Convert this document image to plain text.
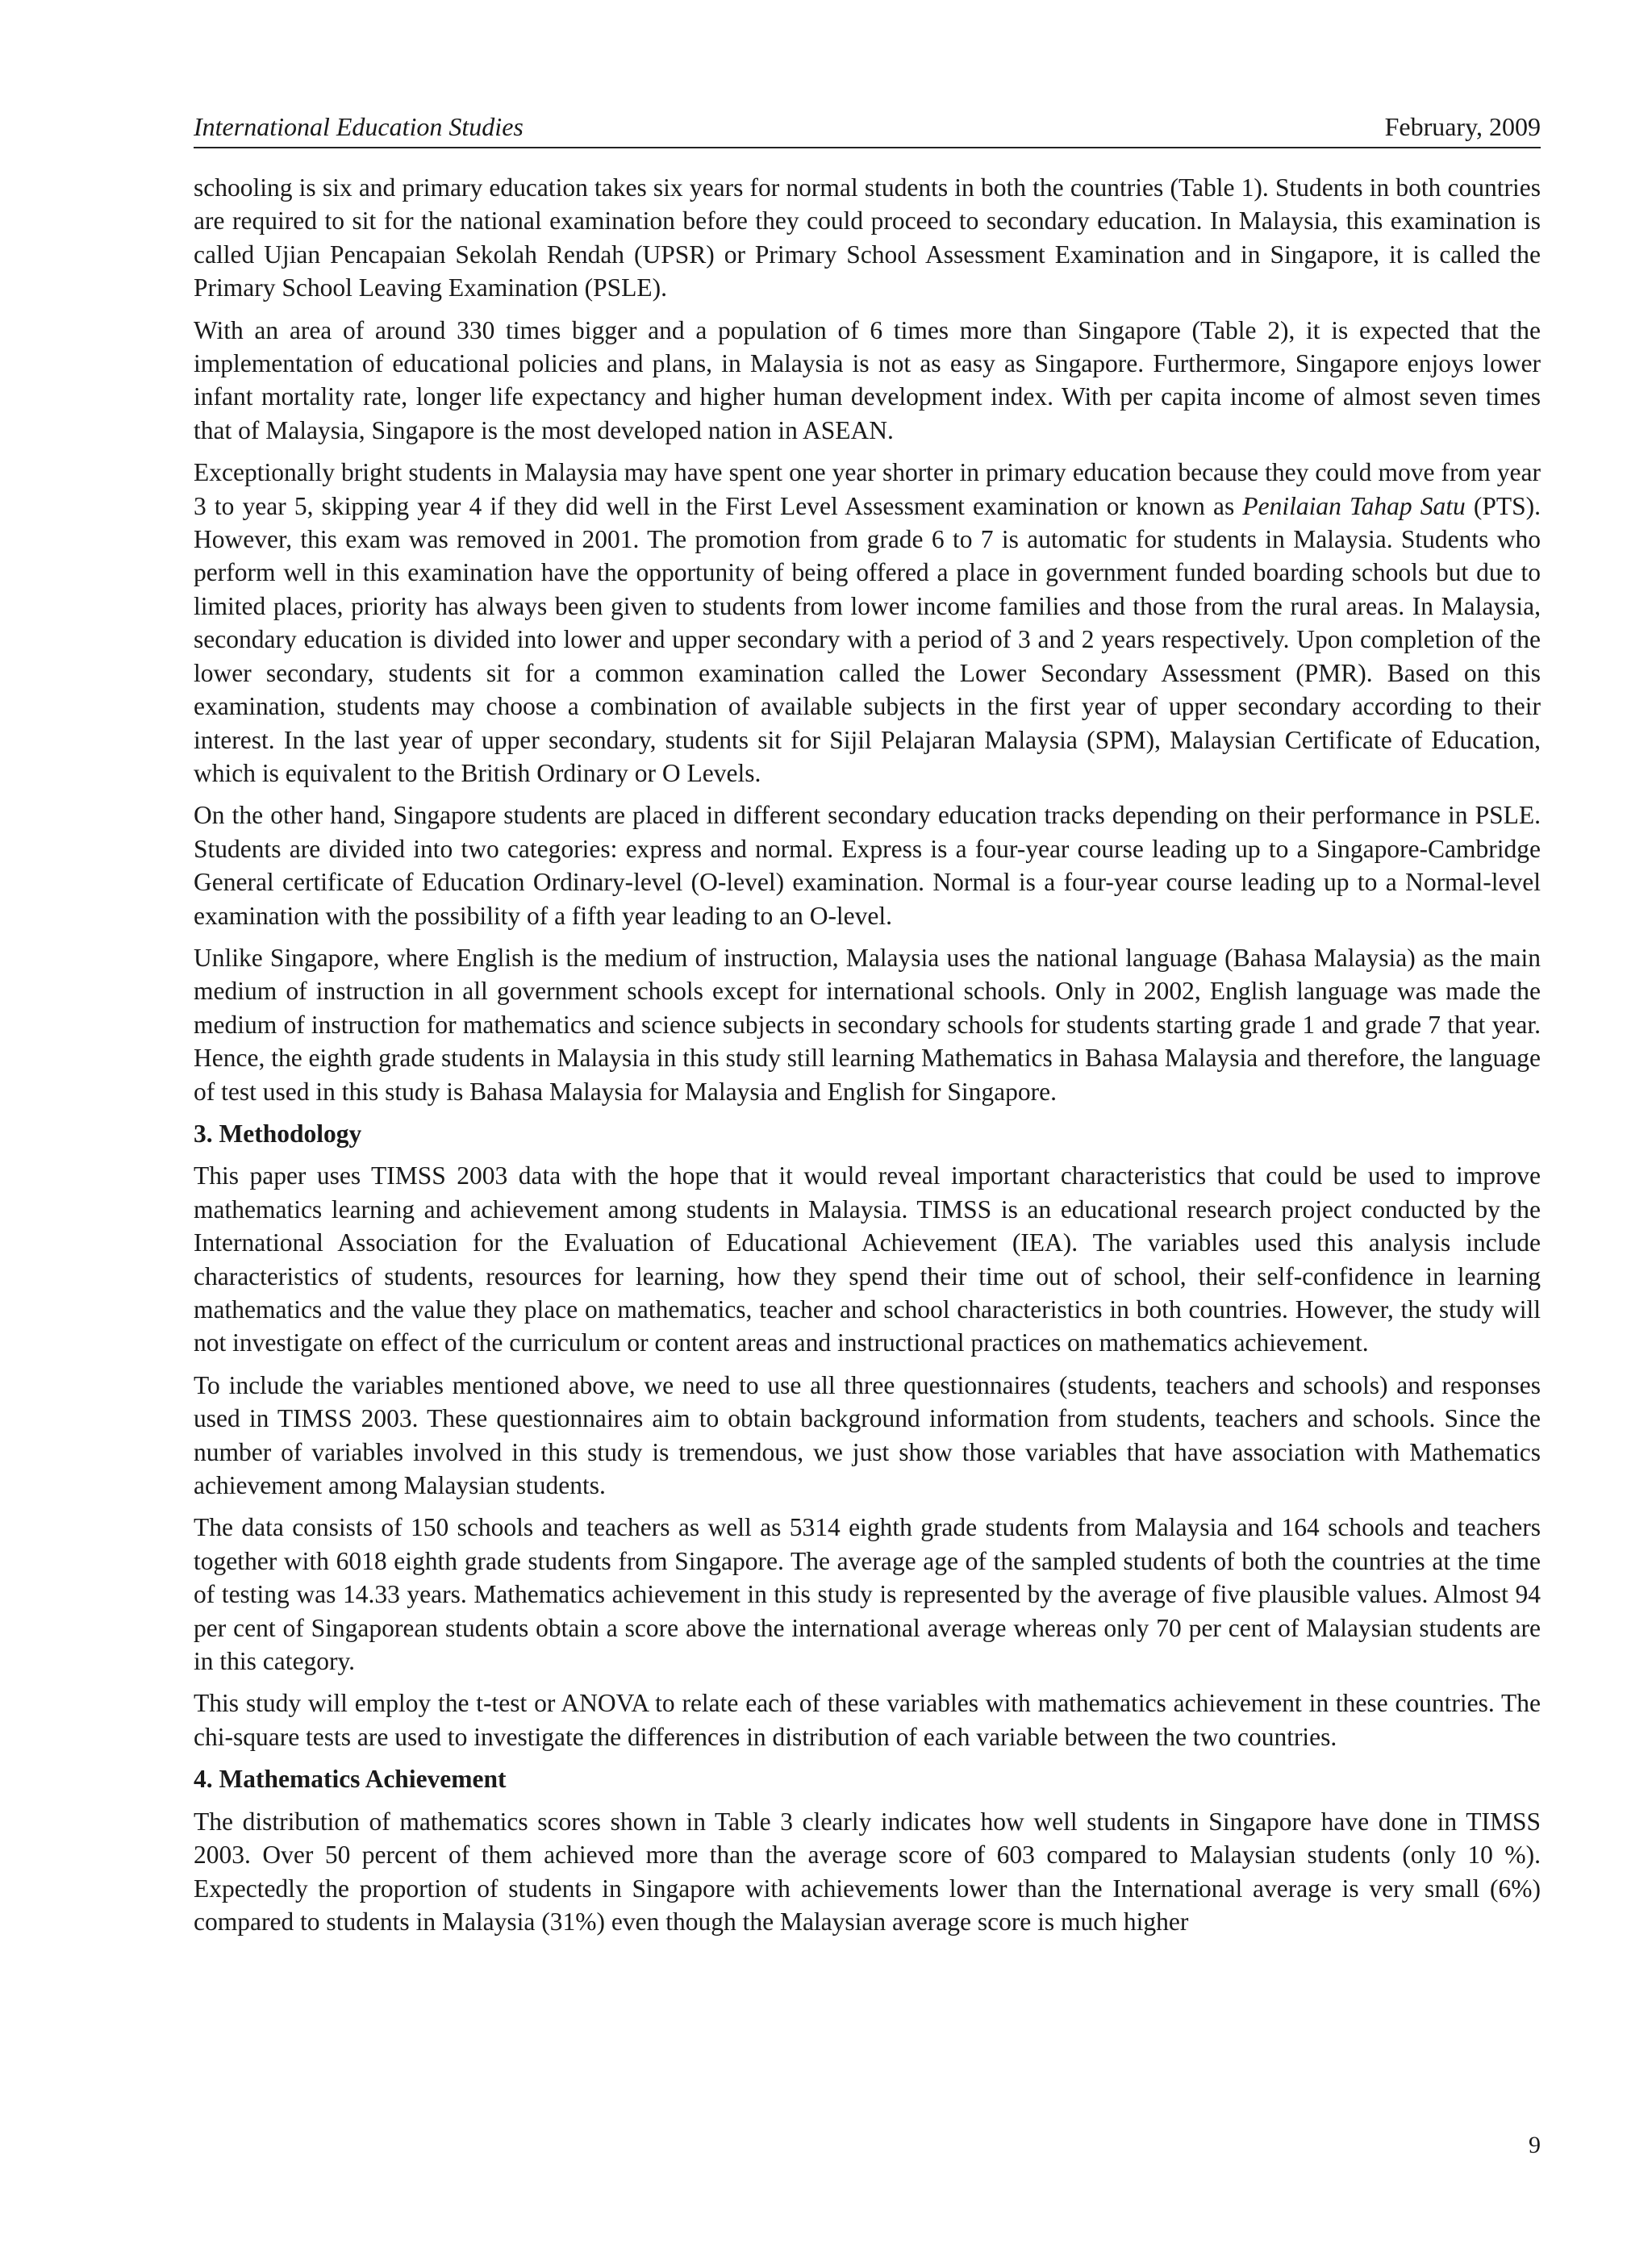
International Education Studies	February, 2009

schooling is six and primary education takes six years for normal students in both the countries (Table 1). Students in both countries are required to sit for the national examination before they could proceed to secondary education. In Malaysia, this examination is called Ujian Pencapaian Sekolah Rendah (UPSR) or Primary School Assessment Examination and in Singapore, it is called the Primary School Leaving Examination (PSLE).

With an area of around 330 times bigger and a population of 6 times more than Singapore (Table 2), it is expected that the implementation of educational policies and plans, in Malaysia is not as easy as Singapore. Furthermore, Singapore enjoys lower infant mortality rate, longer life expectancy and higher human development index. With per capita income of almost seven times that of Malaysia, Singapore is the most developed nation in ASEAN.

Exceptionally bright students in Malaysia may have spent one year shorter in primary education because they could move from year 3 to year 5, skipping year 4 if they did well in the First Level Assessment examination or known as Penilaian Tahap Satu (PTS). However, this exam was removed in 2001. The promotion from grade 6 to 7 is automatic for students in Malaysia. Students who perform well in this examination have the opportunity of being offered a place in government funded boarding schools but due to limited places, priority has always been given to students from lower income families and those from the rural areas. In Malaysia, secondary education is divided into lower and upper secondary with a period of 3 and 2 years respectively. Upon completion of the lower secondary, students sit for a common examination called the Lower Secondary Assessment (PMR). Based on this examination, students may choose a combination of available subjects in the first year of upper secondary according to their interest. In the last year of upper secondary, students sit for Sijil Pelajaran Malaysia (SPM), Malaysian Certificate of Education, which is equivalent to the British Ordinary or O Levels.

On the other hand, Singapore students are placed in different secondary education tracks depending on their performance in PSLE. Students are divided into two categories: express and normal. Express is a four-year course leading up to a Singapore-Cambridge General certificate of Education Ordinary-level (O-level) examination. Normal is a four-year course leading up to a Normal-level examination with the possibility of a fifth year leading to an O-level.

Unlike Singapore, where English is the medium of instruction, Malaysia uses the national language (Bahasa Malaysia) as the main medium of instruction in all government schools except for international schools. Only in 2002, English language was made the medium of instruction for mathematics and science subjects in secondary schools for students starting grade 1 and grade 7 that year. Hence, the eighth grade students in Malaysia in this study still learning Mathematics in Bahasa Malaysia and therefore, the language of test used in this study is Bahasa Malaysia for Malaysia and English for Singapore.

3. Methodology

This paper uses TIMSS 2003 data with the hope that it would reveal important characteristics that could be used to improve mathematics learning and achievement among students in Malaysia. TIMSS is an educational research project conducted by the International Association for the Evaluation of Educational Achievement (IEA). The variables used this analysis include characteristics of students, resources for learning, how they spend their time out of school, their self-confidence in learning mathematics and the value they place on mathematics, teacher and school characteristics in both countries. However, the study will not investigate on effect of the curriculum or content areas and instructional practices on mathematics achievement.

To include the variables mentioned above, we need to use all three questionnaires (students, teachers and schools) and responses used in TIMSS 2003. These questionnaires aim to obtain background information from students, teachers and schools. Since the number of variables involved in this study is tremendous, we just show those variables that have association with Mathematics achievement among Malaysian students.

The data consists of 150 schools and teachers as well as 5314 eighth grade students from Malaysia and 164 schools and teachers together with 6018 eighth grade students from Singapore. The average age of the sampled students of both the countries at the time of testing was 14.33 years. Mathematics achievement in this study is represented by the average of five plausible values. Almost 94 per cent of Singaporean students obtain a score above the international average whereas only 70 per cent of Malaysian students are in this category.

This study will employ the t-test or ANOVA to relate each of these variables with mathematics achievement in these countries. The chi-square tests are used to investigate the differences in distribution of each variable between the two countries.

4. Mathematics Achievement

The distribution of mathematics scores shown in Table 3 clearly indicates how well students in Singapore have done in TIMSS 2003. Over 50 percent of them achieved more than the average score of 603 compared to Malaysian students (only 10 %). Expectedly the proportion of students in Singapore with achievements lower than the International average is very small (6%) compared to students in Malaysia (31%) even though the Malaysian average score is much higher

9
